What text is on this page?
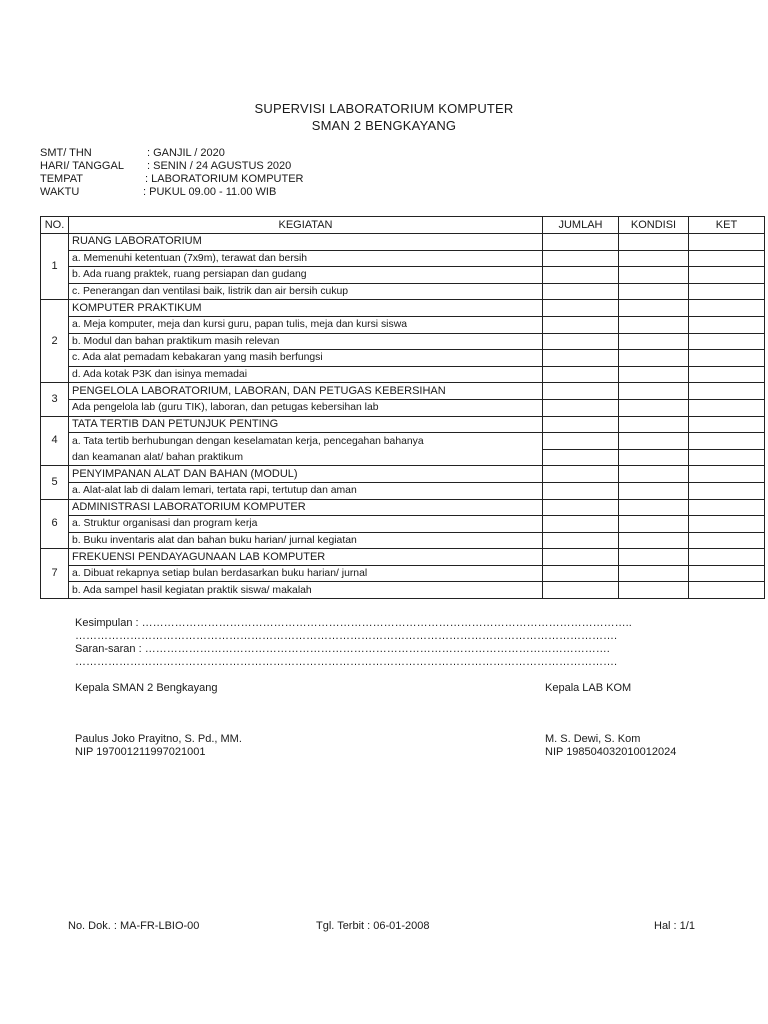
SUPERVISI LABORATORIUM KOMPUTER
SMAN 2 BENGKAYANG
SMT/ THN	: GANJIL / 2020
HARI/ TANGGAL : SENIN / 24 AGUSTUS 2020
TEMPAT	: LABORATORIUM KOMPUTER
WAKTU	: PUKUL 09.00 - 11.00 WIB
NO.	KEGIATAN	JUMLAH	KONDISI	KET
1	RUANG LABORATORIUM			
	a. Memenuhi ketentuan (7x9m), terawat dan bersih			
	b. Ada ruang praktek, ruang persiapan dan gudang			
	c. Penerangan dan ventilasi baik, listrik dan air bersih cukup			
2	KOMPUTER PRAKTIKUM			
	a. Meja komputer, meja dan kursi guru, papan tulis, meja dan kursi siswa			
	b. Modul dan bahan praktikum masih relevan			
	c. Ada alat pemadam kebakaran yang masih berfungsi			
	d. Ada kotak P3K dan isinya memadai			
3	PENGELOLA LABORATORIUM, LABORAN, DAN PETUGAS KEBERSIHAN			
	Ada pengelola lab (guru TIK), laboran, dan petugas kebersihan lab			
4	TATA TERTIB DAN PETUNJUK PENTING			
	a. Tata tertib berhubungan dengan keselamatan kerja, pencegahan bahanya			
	dan keamanan alat/ bahan praktikum			
5	PENYIMPANAN ALAT DAN BAHAN (MODUL)			
	a. Alat-alat lab di dalam lemari, tertata rapi, tertutup dan aman			
6	ADMINISTRASI LABORATORIUM KOMPUTER			
	a. Struktur organisasi dan program kerja			
	b. Buku inventaris alat dan bahan buku harian/ jurnal kegiatan			
7	FREKUENSI PENDAYAGUNAAN LAB KOMPUTER			
	a. Dibuat rekapnya setiap bulan berdasarkan buku harian/ jurnal			
	b. Ada sampel hasil kegiatan praktik siswa/ makalah			
Kesimpulan : ……………………………………………………………………………………………………………………..
………………………………………………………………………………………………………………………………….
Saran-saran : ……………………………………………………………………………………………………………….
………………………………………………………………………………………………………………………………….
Kepala SMAN 2 Bengkayang	Kepala LAB KOM
Paulus Joko Prayitno, S. Pd., MM.
NIP 197001211997021001
M. S. Dewi, S. Kom
NIP 198504032010012024
No. Dok. : MA-FR-LBIO-00	Tgl. Terbit : 06-01-2008	Hal : 1/1
